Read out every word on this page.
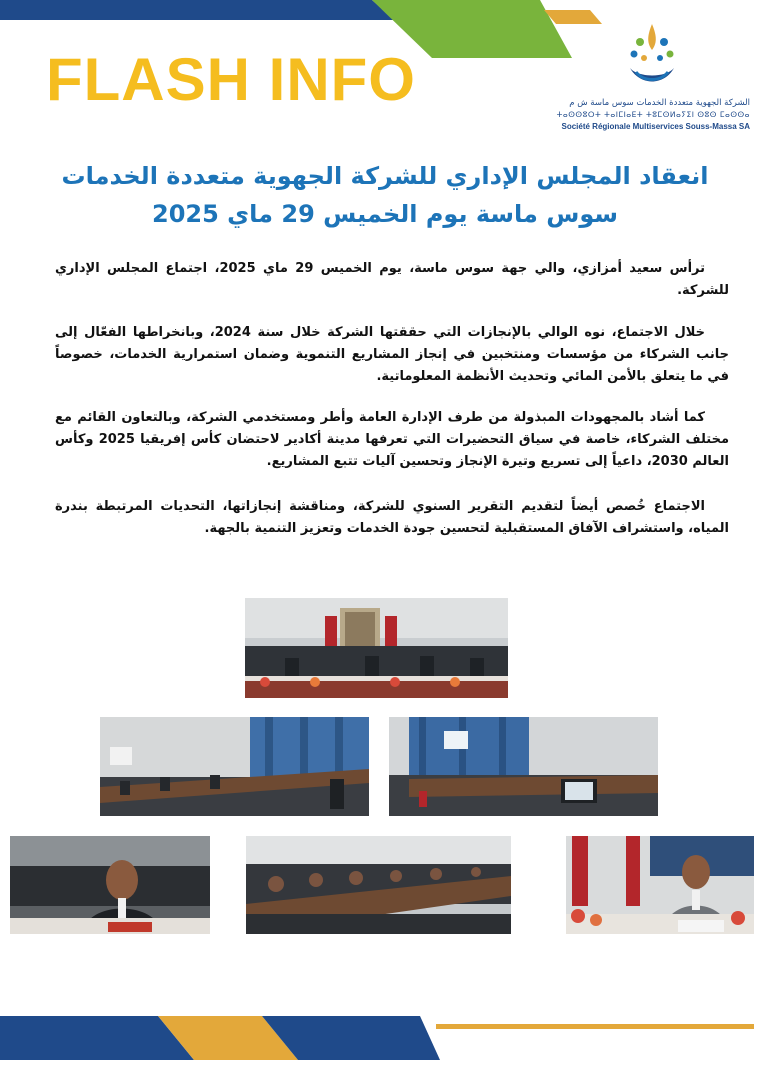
FLASH INFO	الشركة الجهوية متعددة الخدمات سوس ماسة ش م
ⵜⴰⵙⵙⵓⵔⵜ ⵜⴰⵏⵎⵏⴰⴹⵜ ⵜⵓⵎⵙⵍⴰⵢⵉⵏ ⵙⵓⵙ ⵎⴰⵙⵙⴰ
Société Régionale Multiservices Souss-Massa SA
انعقاد المجلس الإداري للشركة الجهوية متعددة الخدمات
سوس ماسة يوم الخميس 29 ماي 2025
ترأس سعيد أمزازي، والي جهة سوس ماسة، يوم الخميس 29 ماي 2025، اجتماع المجلس الإداري للشركة.
خلال الاجتماع، نوه الوالي بالإنجازات التي حققتها الشركة خلال سنة 2024، وبانخراطها الفعّال إلى جانب الشركاء من مؤسسات ومنتخبين في إنجاز المشاريع التنموية وضمان استمرارية الخدمات، خصوصاً في ما يتعلق بالأمن المائي وتحديث الأنظمة المعلوماتية.
كما أشاد بالمجهودات المبذولة من طرف الإدارة العامة وأطر ومستخدمي الشركة، وبالتعاون القائم مع مختلف الشركاء، خاصة في سياق التحضيرات التي تعرفها مدينة أكادير لاحتضان كأس إفريقيا 2025 وكأس العالم 2030، داعياً إلى تسريع وتيرة الإنجاز وتحسين آليات تتبع المشاريع.
الاجتماع خُصص أيضاً لتقديم التقرير السنوي للشركة، ومناقشة إنجازاتها، التحديات المرتبطة بندرة المياه، واستشراف الآفاق المستقبلية لتحسين جودة الخدمات وتعزيز التنمية بالجهة.
